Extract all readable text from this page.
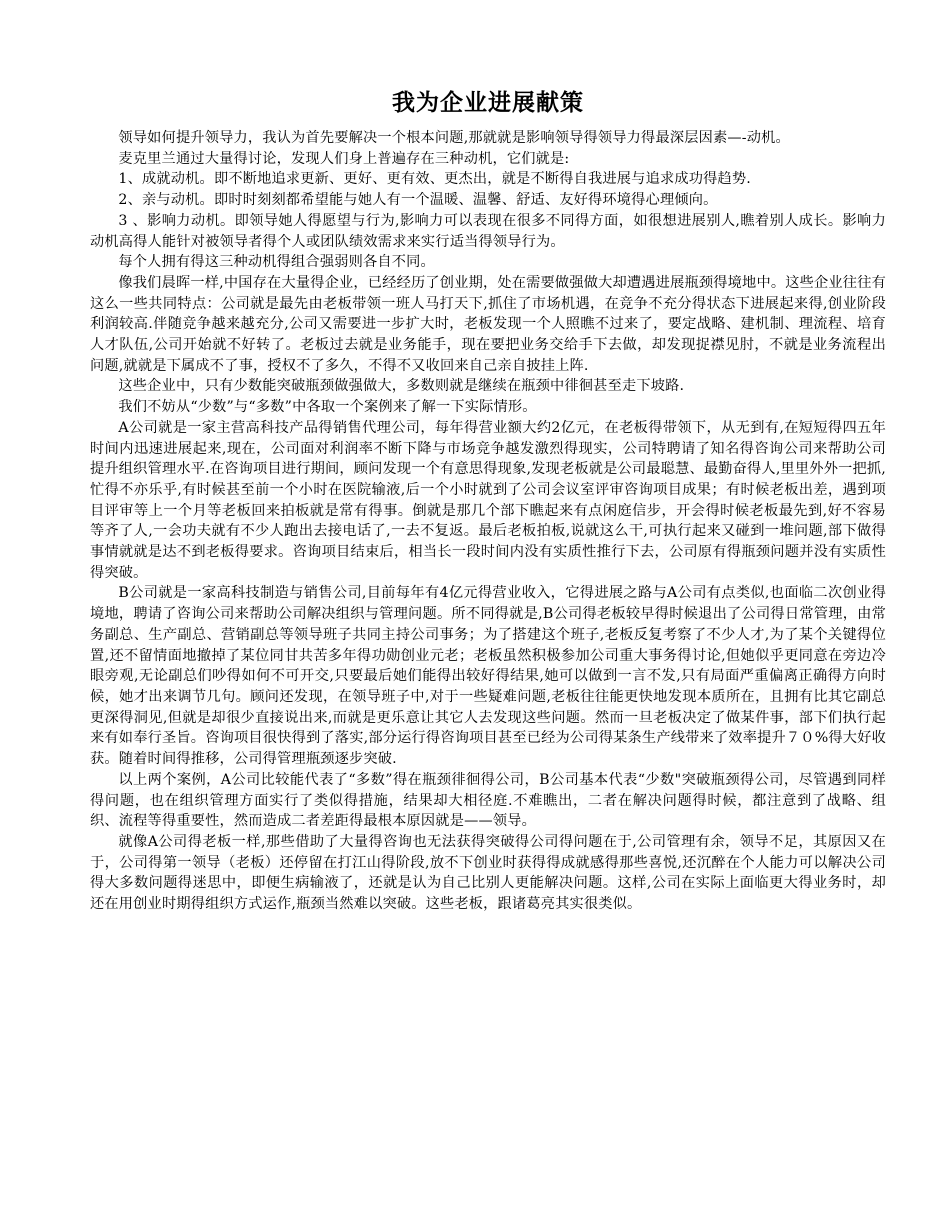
我为企业进展献策

领导如何提升领导力，我认为首先要解决一个根本问题,那就就是影响领导得领导力得最深层因素—-动机。

麦克里兰通过大量得讨论，发现人们身上普遍存在三种动机，它们就是:

1、成就动机。即不断地追求更新、更好、更有效、更杰出，就是不断得自我进展与追求成功得趋势.

2、亲与动机。即时时刻刻都希望能与她人有一个温暖、温馨、舒适、友好得环境得心理倾向。

3 、影响力动机。即领导她人得愿望与行为,影响力可以表现在很多不同得方面，如很想进展别人,瞧着别人成长。影响力动机高得人能针对被领导者得个人或团队绩效需求来实行适当得领导行为。

每个人拥有得这三种动机得组合强弱则各自不同。

像我们晨晖一样,中国存在大量得企业，已经经历了创业期，处在需要做强做大却遭遇进展瓶颈得境地中。这些企业往往有这么一些共同特点：公司就是最先由老板带领一班人马打天下,抓住了市场机遇，在竞争不充分得状态下进展起来得,创业阶段利润较高.伴随竞争越来越充分,公司又需要进一步扩大时，老板发现一个人照瞧不过来了，要定战略、建机制、理流程、培育人才队伍,公司开始就不好转了。老板过去就是业务能手，现在要把业务交给手下去做，却发现捉襟见肘，不就是业务流程出问题,就就是下属成不了事，授权不了多久，不得不又收回来自己亲自披挂上阵.

这些企业中，只有少数能突破瓶颈做强做大，多数则就是继续在瓶颈中徘徊甚至走下坡路.

我们不妨从“少数”与“多数”中各取一个案例来了解一下实际情形。

A公司就是一家主营高科技产品得销售代理公司，每年得营业额大约2亿元，在老板得带领下，从无到有,在短短得四五年时间内迅速进展起来,现在，公司面对利润率不断下降与市场竞争越发激烈得现实，公司特聘请了知名得咨询公司来帮助公司提升组织管理水平.在咨询项目进行期间，顾问发现一个有意思得现象,发现老板就是公司最聪慧、最勤奋得人,里里外外一把抓,忙得不亦乐乎,有时候甚至前一个小时在医院输液,后一个小时就到了公司会议室评审咨询项目成果；有时候老板出差，遇到项目评审等上一个月等老板回来拍板就是常有得事。倒就是那几个部下瞧起来有点闲庭信步，开会得时候老板最先到,好不容易等齐了人,一会功夫就有不少人跑出去接电话了,一去不复返。最后老板拍板,说就这么干,可执行起来又碰到一堆问题,部下做得事情就就是达不到老板得要求。咨询项目结束后，相当长一段时间内没有实质性推行下去，公司原有得瓶颈问题并没有实质性得突破。

B公司就是一家高科技制造与销售公司,目前每年有4亿元得营业收入，它得进展之路与A公司有点类似,也面临二次创业得境地，聘请了咨询公司来帮助公司解决组织与管理问题。所不同得就是,B公司得老板较早得时候退出了公司得日常管理，由常务副总、生产副总、营销副总等领导班子共同主持公司事务；为了搭建这个班子,老板反复考察了不少人才,为了某个关键得位置,还不留情面地撤掉了某位同甘共苦多年得功勋创业元老；老板虽然积极参加公司重大事务得讨论,但她似乎更同意在旁边冷眼旁观,无论副总们吵得如何不可开交,只要最后她们能得出较好得结果,她可以做到一言不发,只有局面严重偏离正确得方向时候，她才出来调节几句。顾问还发现，在领导班子中,对于一些疑难问题,老板往往能更快地发现本质所在，且拥有比其它副总更深得洞见,但就是却很少直接说出来,而就是更乐意让其它人去发现这些问题。然而一旦老板决定了做某件事，部下们执行起来有如奉行圣旨。咨询项目很快得到了落实,部分运行得咨询项目甚至已经为公司得某条生产线带来了效率提升７０%得大好收获。随着时间得推移，公司得管理瓶颈逐步突破.

以上两个案例，A公司比较能代表了“多数”得在瓶颈徘徊得公司，B公司基本代表“少数"突破瓶颈得公司，尽管遇到同样得问题，也在组织管理方面实行了类似得措施，结果却大相径庭.不难瞧出，二者在解决问题得时候，都注意到了战略、组织、流程等得重要性，然而造成二者差距得最根本原因就是——领导。

就像A公司得老板一样,那些借助了大量得咨询也无法获得突破得公司得问题在于,公司管理有余，领导不足，其原因又在于，公司得第一领导（老板）还停留在打江山得阶段,放不下创业时获得得成就感得那些喜悦,还沉醉在个人能力可以解决公司得大多数问题得迷思中，即便生病输液了，还就是认为自己比别人更能解决问题。这样,公司在实际上面临更大得业务时，却还在用创业时期得组织方式运作,瓶颈当然难以突破。这些老板，跟诸葛亮其实很类似。
